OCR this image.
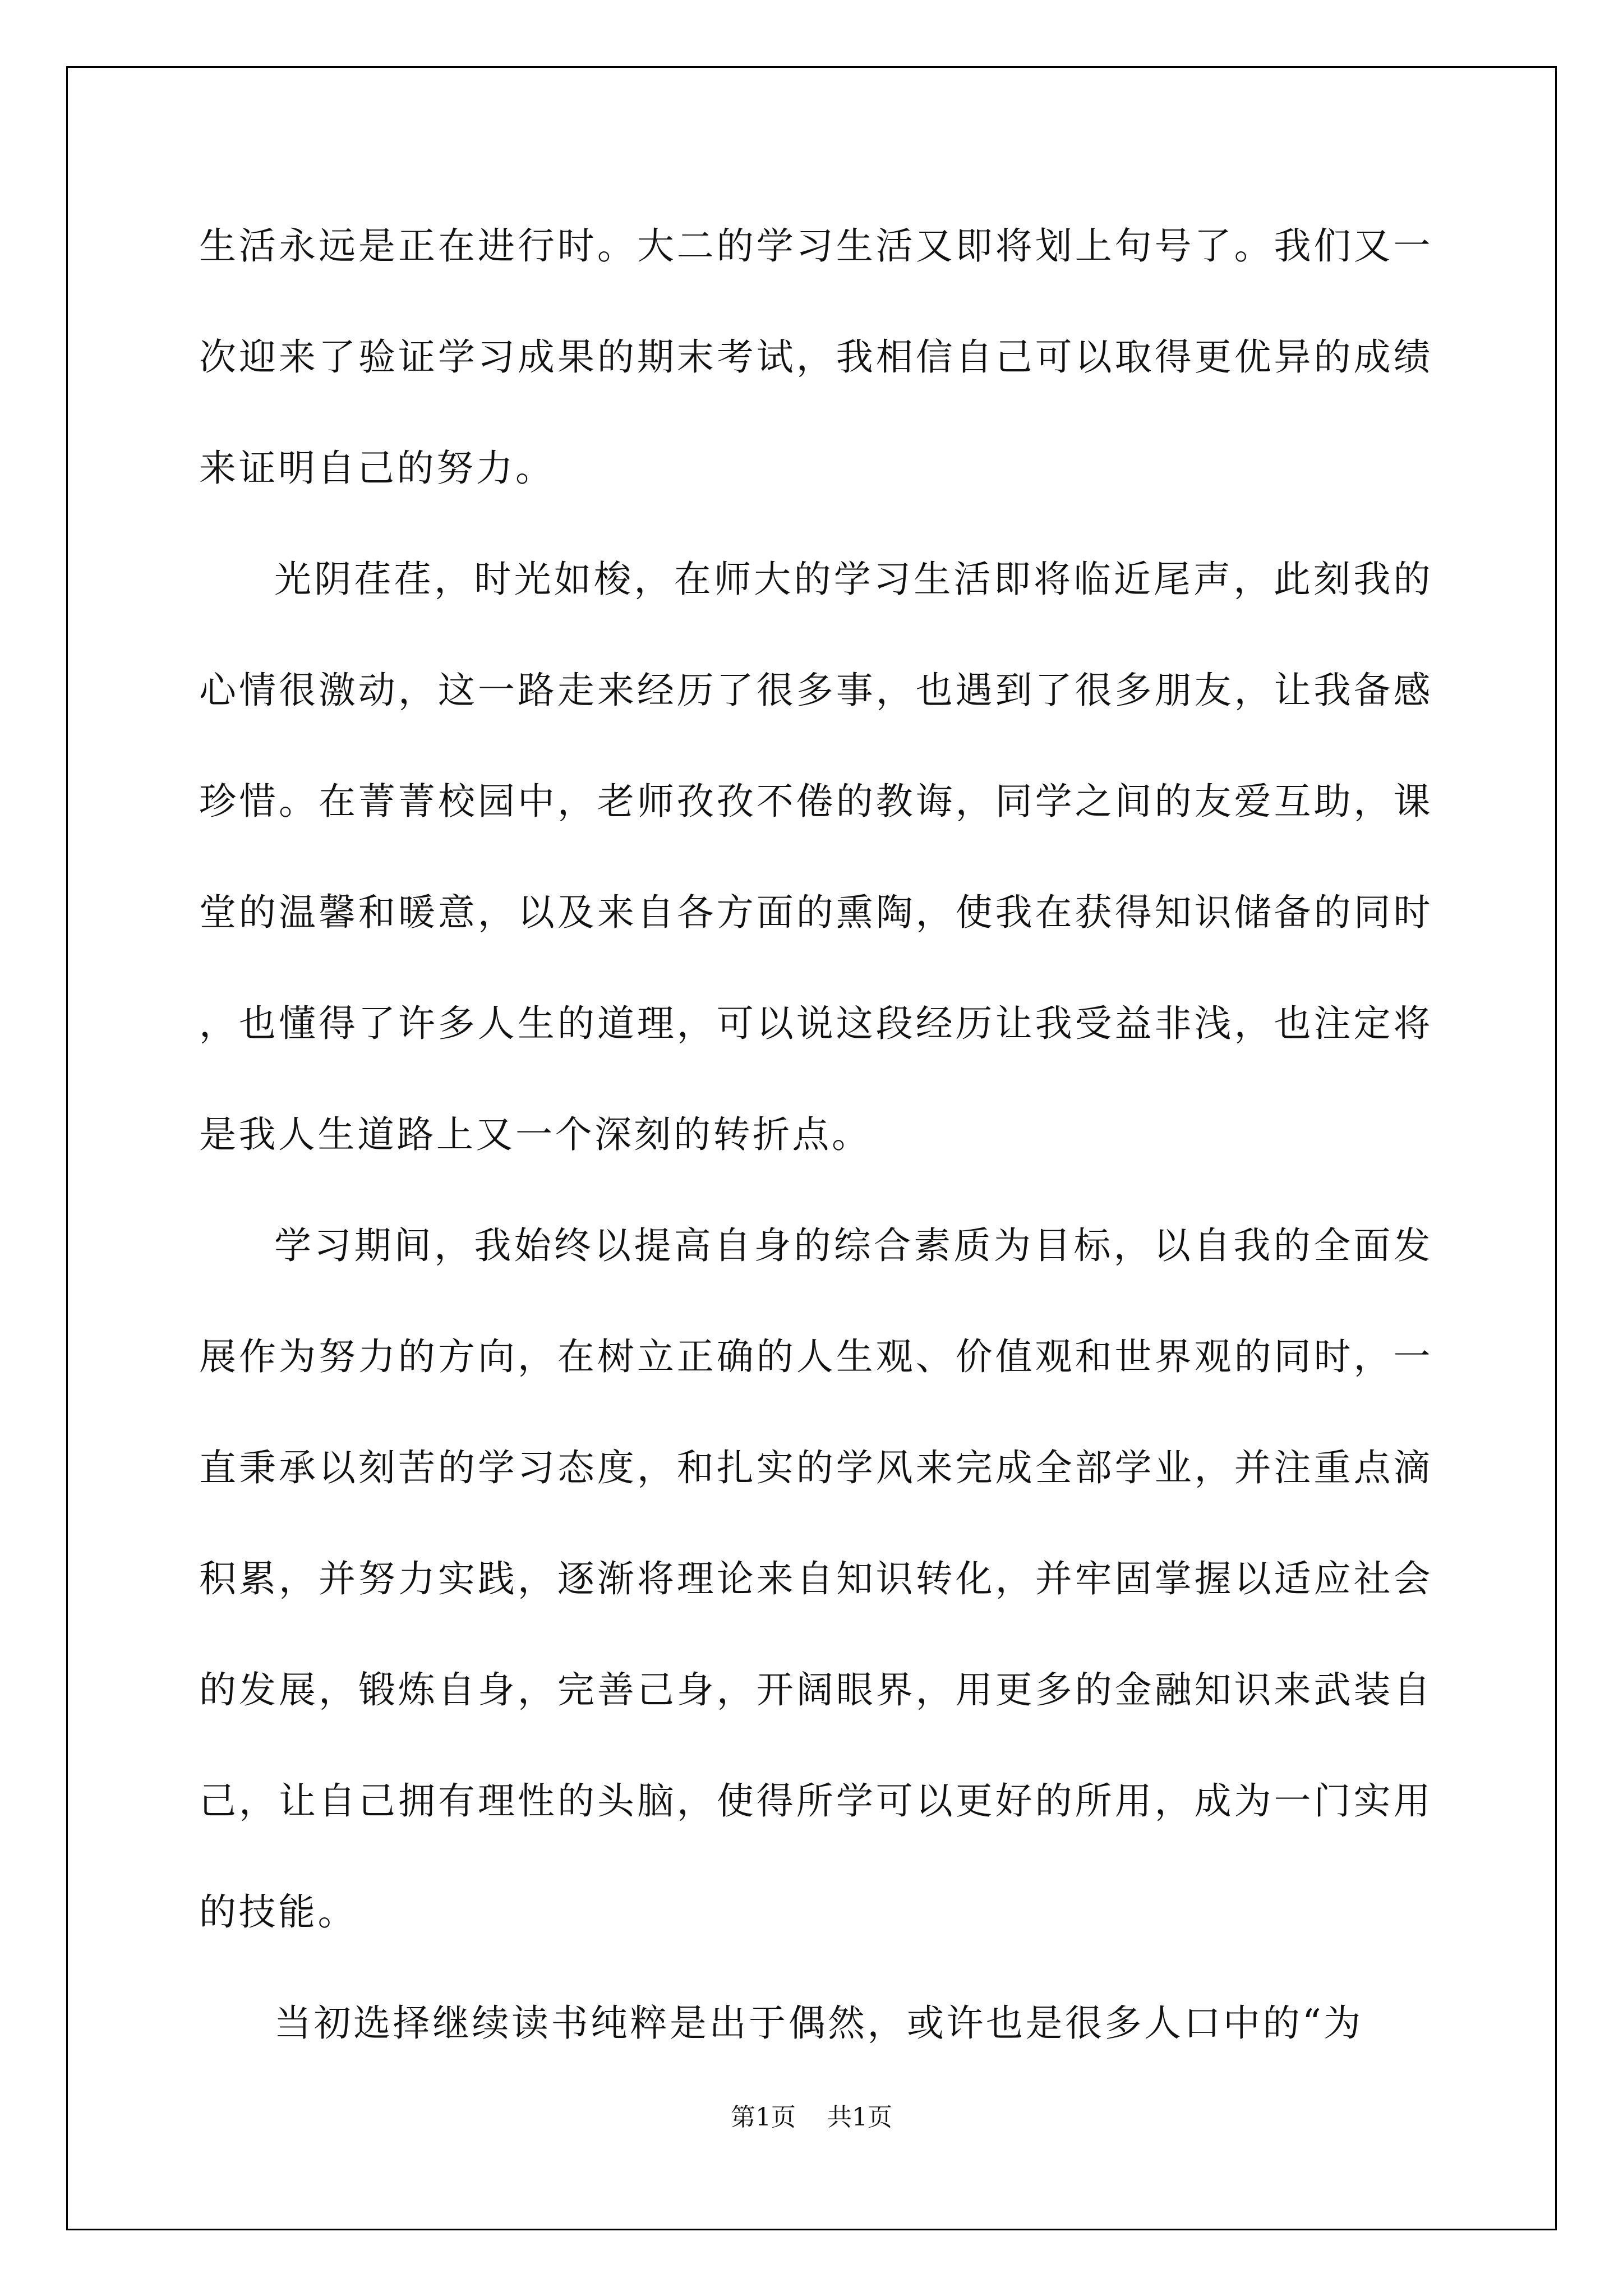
生活永远是正在进行时。大二的学习生活又即将划上句号了。我们又一次迎来了验证学习成果的期末考试，我相信自己可以取得更优异的成绩来证明自己的努力。

光阴荏荏，时光如梭，在师大的学习生活即将临近尾声，此刻我的心情很激动，这一路走来经历了很多事，也遇到了很多朋友，让我备感珍惜。在菁菁校园中，老师孜孜不倦的教诲，同学之间的友爱互助，课堂的温馨和暖意，以及来自各方面的熏陶，使我在获得知识储备的同时，也懂得了许多人生的道理，可以说这段经历让我受益非浅，也注定将是我人生道路上又一个深刻的转折点。

学习期间，我始终以提高自身的综合素质为目标，以自我的全面发展作为努力的方向，在树立正确的人生观、价值观和世界观的同时，一直秉承以刻苦的学习态度，和扎实的学风来完成全部学业，并注重点滴积累，并努力实践，逐渐将理论来自知识转化，并牢固掌握以适应社会的发展，锻炼自身，完善己身，开阔眼界，用更多的金融知识来武装自己，让自己拥有理性的头脑，使得所学可以更好的所用，成为一门实用的技能。

当初选择继续读书纯粹是出于偶然，或许也是很多人口中的“为

第1页 共1页
